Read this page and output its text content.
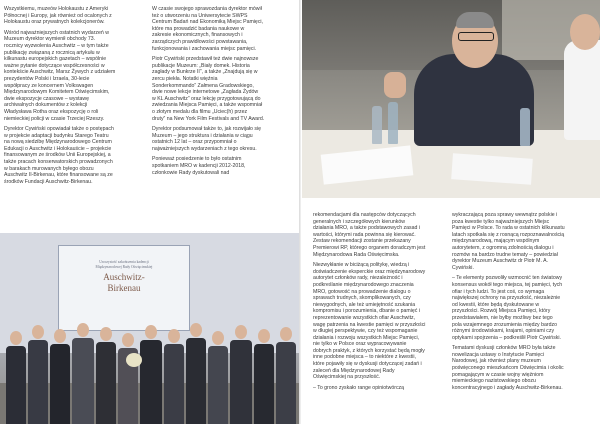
Wszystkiemu, muzeów Holokaustu z Ameryki
Północnej i Europy, jak również od ocalonych z
Holokaustu oraz prywatnych kolekcjonerów.

Wśród najważniejszych ostatnich wydarzeń w
Muzeum dyrektor wymienił obchody 73.
rocznicy wyzwolenia Auschwitz – w tym także
publikację związaną z rocznicą artykułu w
kilkunastu europejskich gazetach – wspólnie
ważne pytanie dotyczące współczesności w
kontekście Auschwitz, Marsz Żywych z udziałem
prezydentów Polski i Izraela, 30-lecie
współpracy ze koncernem Volkswagen
Międzynarodowym Komitetem Oświęcimskim,
dwie ekspozycje czasowe – wystawę
archiwalnych dokumentów z kolekcji
Władysława Rotha oraz ekspozycję o roli
niemieckiej policji w czasie Trzeciej Rzeszy.

Dyrektor Cywiński opowiadał także o postępach
w projekcie adaptacji budynku Starego Teatru
na nową siedzibę Międzynarodowego Centrum
Edukacji o Auschwitz i Holokauście – projekcie
finansowanym ze środków Unii Europejskiej, a
także pracach konserwatorskich prowadzonych
w barakach murowanych byłego obozu
Auschwitz II-Birkenau, które finansowane są ze
środków Fundacji Auschwitz-Birkenau.

W czasie swojego sprawozdania dyrektor mówił
też o utworzeniu na Uniwersytecie SWPS
Centrum Badań nad Ekonomiką Miejsc Pamięci,
które ma prowadzić badania naukowe w
zakresie ekonomicznych, finansowych i
zarządczych prawidłowości powstawania,
funkcjonowania i zachowania miejsc pamięci.

Piotr Cywiński przedstawił też dwie najnowsze
publikacje Muzeum: „Biały domek. Historia
zagłady w Bunkrze II”, a także „Znajdują się w
zercu piekła. Notatki więźnia
Sonderkommando” Załmena Gradowskiego,
dwie nowe lekcje internetowe „Zagłada Żydów
w KL Auschwitz” oraz lekcję przygotowującą do
zwiedzania Miejsca Pamięci, a także wspomniał
o złotym medalu dla filmu „Uciec(h) przez
druty” na New York Film Festivals and TV Award.

Dyrektor podsumował także to, jak rozwijało się
Muzeum – jego struktura i działania w ciągu
ostatnich 12 lat – oraz przypomniał o
najważniejszych wydarzeniach z tego okresu.

Ponieważ posiedzenie to było ostatnim
spotkaniem MRO w kadencji 2012-2018,
członkowie Rady dyskutowali nad

Uroczystość zakończenia kadencji
Międzynarodowej Rady Oświęcimskiej
Auschwitz-
Birkenau

rekomendacjami dla następców dotyczących
generalnych i szczegółowych kierunków
działania MRO, a także podstawowych zasad i
wartości, którymi rada powinna się kierować.
Zestaw rekomendacji zostanie przekazany
Premierowi RP, którego organem doradczym jest
Międzynarodowa Rada Oświęcimska.

Niezwykłanie w biciżącą politykę, wiedzą i
doświadczenie eksperckie oraz międzynarodowy
autorytet członków rady, niezależność i
podkreślanie międzynarodowego znaczenia
MRO, gotowość na prowadzenie dialogu o
sprawach trudnych, skomplikowanych, czy
niewygodnych, ale też umiejętność szukania
kompromisu i porozumienia, dbanie o pamięć i
reprezentowanie wszystkich ofiar Auschwitz,
wagę patrzenia na kwestie pamięci w przyszłości
w długiej perspektywie, czy też wspomaganie
działania i rozwoju wszystkich Miejsc Pamięci,
nie tylko w Polsce oraz wypracowywanie
dobrych praktyk, z których korzystać będą mogły
inne podobne miejsca – to niektóre z kwestii,
które pojawiły się w dyskusji dotyczącej zadań i
zaleceń dla Międzynarodowej Rady
Oświęcimskiej na przyszłość.

– To grono zyskało range opiniotwórczą

wykraczającą poza sprawy wewnątrz polskie i
poza kwestie tylko najważniejszych Miejsc
Pamięci w Polsce. To rada w ostatnich kilkunastu
latach spotkała się z rosnącą rozpoznawalnością
międzynarodową, mającym wspólnym
autorytetem, z ogromną zdolnością dialogu i
rozmów na bardzo trudne tematy – powiedział
dyrektor Muzeum Auschwitz dr Piotr M. A.
Cywiński.

– Te elementy pozwoliły wzmocnić ten światowy
konsensus wokół tego miejsca, tej pamięci, tych
ofiar i tych ludzi. To jest coś, co wymaga
największej ochrony na przyszłość, niezależnie
od kwestii, które będą dyskutowane w
przyszłości. Rozwój Miejsca Pamięci, który
przedstawiałem, nie byłby możliwy bez tego
pola wzajemnego zrozumienia między bardzo
różnymi środowiskami, krajami, opiniami czy
optykami spojrzenia – podkreślił Piotr Cywiński.

Tematami dyskusji członków MRO była także
nowelizacja ustawy o Instytucie Pamięci
Narodowej, jak również plany muzeum
poświęconego mieszkańcom Oświęcimia i okolic
pomagającym w czasie wojny więźniom
miemieckiego nazistowskiego obozu
koncentracyjnego i zagłady Auschwitz-Birkenau.
